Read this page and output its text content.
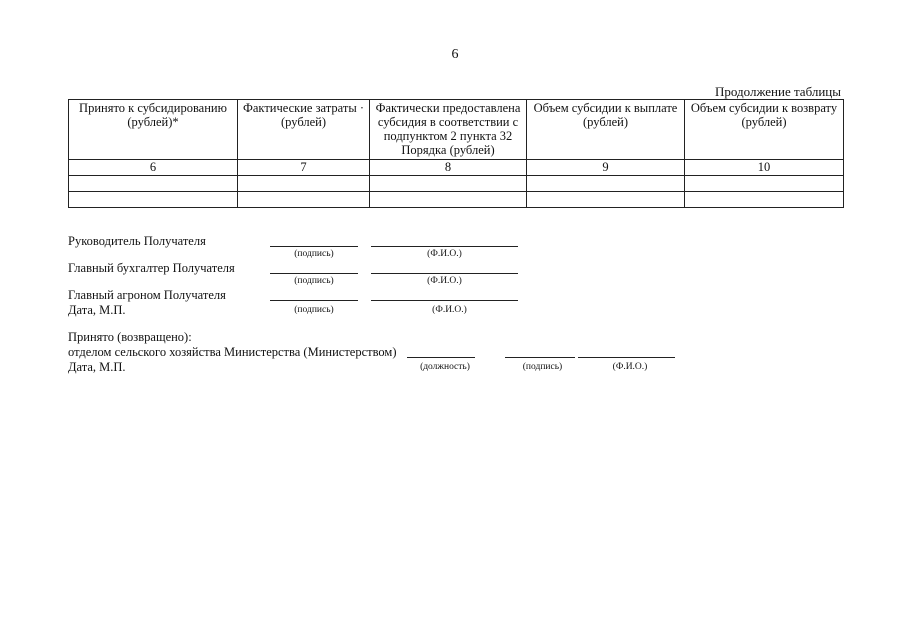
6
Продолжение таблицы
Принято к субсидированию (рублей)*	Фактические затраты · (рублей)	Фактически предоставлена субсидия в соответствии с подпунктом 2 пункта 32 Порядка (рублей)	Объем субсидии к выплате (рублей)	Объем субсидии к возврату (рублей)
6	7	8	9	10

Руководитель Получателя
(подпись)	(Ф.И.О.)
Главный бухгалтер Получателя
(подпись)	(Ф.И.О.)
Главный агроном Получателя
Дата, М.П.	(подпись)	(Ф.И.О.)
Принято (возвращено):
отделом сельского хозяйства Министерства (Министерством)
Дата, М.П.	(должность)	(подпись)	(Ф.И.О.)
